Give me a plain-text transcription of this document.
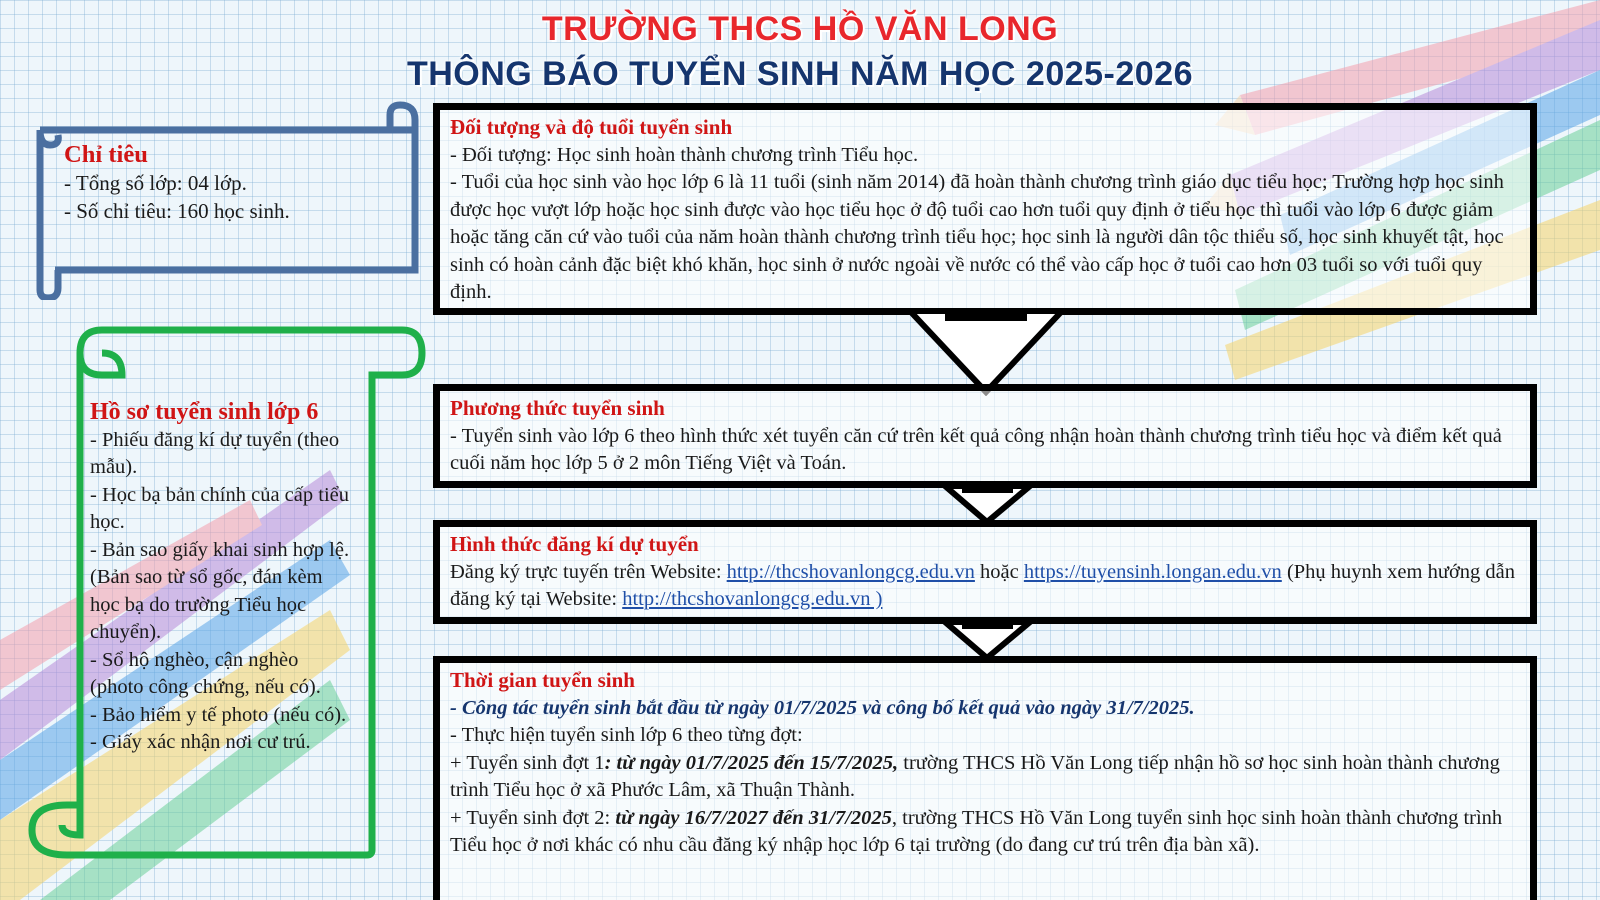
TRƯỜNG THCS HỒ VĂN LONG
THÔNG BÁO TUYỂN SINH NĂM HỌC 2025-2026
Chỉ tiêu

- Tổng số lớp: 04 lớp.

- Số chỉ tiêu: 160 học sinh.

Hồ sơ tuyển sinh lớp 6

- Phiếu đăng kí dự tuyển (theo mẫu).

- Học bạ bản chính của cấp tiểu học.

- Bản sao giấy khai sinh hợp lệ. (Bản sao từ sổ gốc, đán kèm học bạ do trường Tiểu học chuyển).

- Sổ hộ nghèo, cận nghèo (photo công chứng, nếu có).

- Bảo hiểm y tế photo (nếu có).

- Giấy xác nhận nơi cư trú.

Đối tượng và độ tuổi tuyển sinh

- Đối tượng: Học sinh hoàn thành chương trình Tiểu học.

- Tuổi của học sinh vào học lớp 6 là 11 tuổi (sinh năm 2014) đã hoàn thành chương trình giáo dục tiểu học; Trường hợp học sinh được học vượt lớp hoặc học sinh được vào học tiểu học ở độ tuổi cao hơn tuổi quy định ở tiểu học thì tuổi vào lớp 6 được giảm hoặc tăng căn cứ vào tuổi của năm hoàn thành chương trình tiểu học; học sinh là người dân tộc thiểu số, học sinh khuyết tật, học sinh có hoàn cảnh đặc biệt khó khăn, học sinh ở nước ngoài về nước có thể vào cấp học ở tuổi cao hơn 03 tuổi so với tuổi quy định.

Phương thức tuyển sinh

- Tuyển sinh vào lớp 6 theo hình thức xét tuyển căn cứ trên kết quả công nhận hoàn thành chương trình tiểu học và điểm kết quả cuối năm học lớp 5 ở 2 môn Tiếng Việt và Toán.

Hình thức đăng kí dự tuyển

Đăng ký trực tuyến trên Website: http://thcshovanlongcg.edu.vn hoặc https://tuyensinh.longan.edu.vn (Phụ huynh xem hướng dẫn đăng ký tại Website: http://thcshovanlongcg.edu.vn )

Thời gian tuyển sinh

- Công tác tuyển sinh bắt đầu từ ngày 01/7/2025 và công bố kết quả vào ngày 31/7/2025.

- Thực hiện tuyển sinh lớp 6 theo từng đợt:

+ Tuyển sinh đợt 1: từ ngày 01/7/2025 đến 15/7/2025, trường THCS Hồ Văn Long tiếp nhận hồ sơ học sinh hoàn thành chương trình Tiểu học ở xã Phước Lâm, xã Thuận Thành.

+ Tuyển sinh đợt 2: từ ngày 16/7/2027 đến 31/7/2025, trường THCS Hồ Văn Long tuyển sinh học sinh hoàn thành chương trình Tiểu học ở nơi khác có nhu cầu đăng ký nhập học lớp 6 tại trường (do đang cư trú trên địa bàn xã).
